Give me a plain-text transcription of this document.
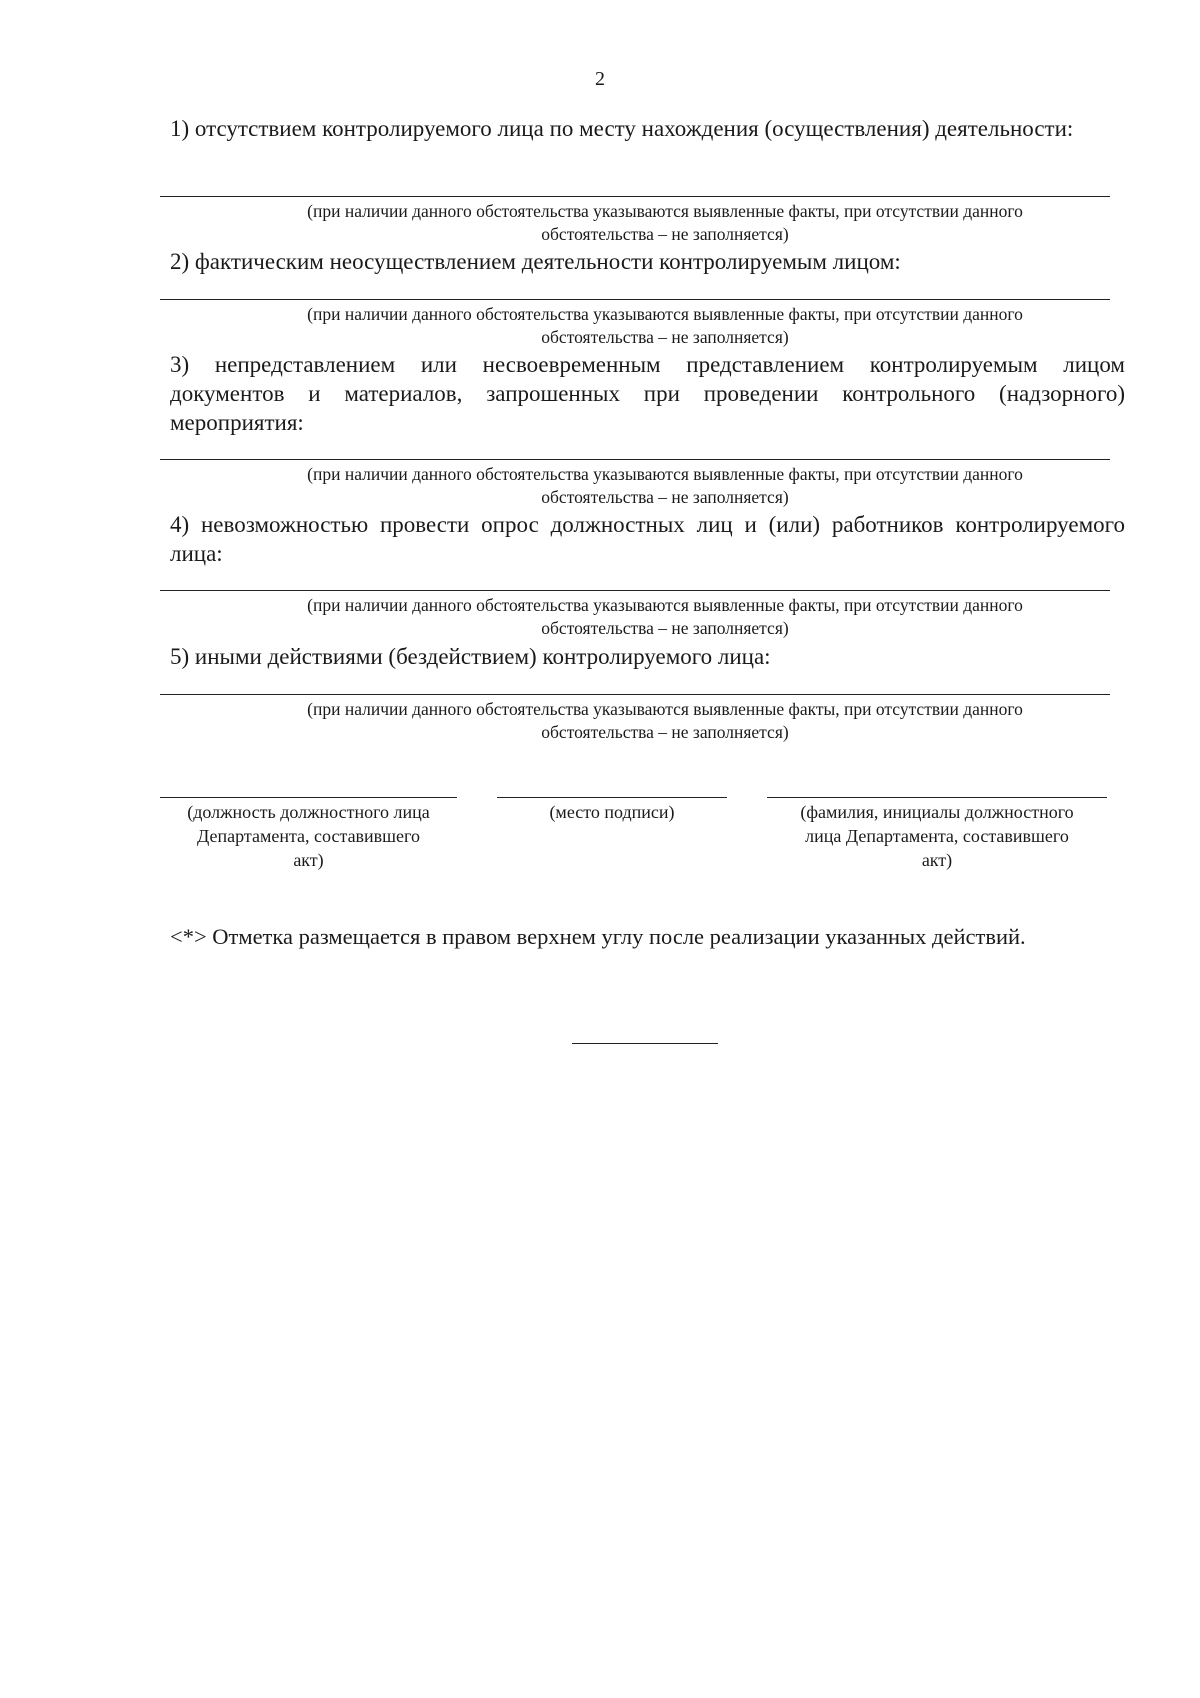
2
1) отсутствием контролируемого лица по месту нахождения (осуществления) деятельности:
(при наличии данного обстоятельства указываются выявленные факты, при отсутствии данного
обстоятельства – не заполняется)
2) фактическим неосуществлением деятельности контролируемым лицом:
(при наличии данного обстоятельства указываются выявленные факты, при отсутствии данного
обстоятельства – не заполняется)
3) непредставлением или несвоевременным представлением контролируемым лицом документов и материалов, запрошенных при проведении контрольного (надзорного) мероприятия:
(при наличии данного обстоятельства указываются выявленные факты, при отсутствии данного
обстоятельства – не заполняется)
4) невозможностью провести опрос должностных лиц и (или) работников контролируемого лица:
(при наличии данного обстоятельства указываются выявленные факты, при отсутствии данного
обстоятельства – не заполняется)
5) иными действиями (бездействием) контролируемого лица:
(при наличии данного обстоятельства указываются выявленные факты, при отсутствии данного
обстоятельства – не заполняется)
(должность должностного лица
Департамента, составившего
акт)
(место подписи)	(фамилия, инициалы должностного
лица Департамента, составившего
акт)
<*> Отметка размещается в правом верхнем углу после реализации указанных действий.
